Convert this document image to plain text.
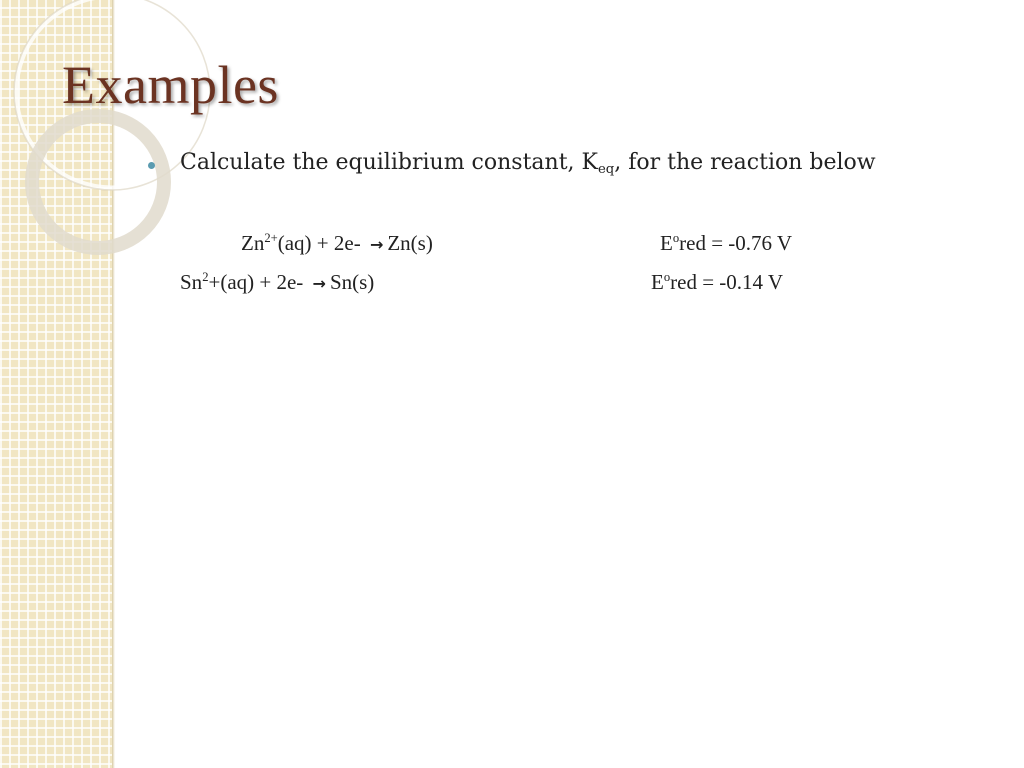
Examples
Calculate the equilibrium constant, $K_{eq}$, for the reaction below
$Zn^{2+}(aq) + 2e- \to Zn(s)$	$E^ored = -0.76$ V
$Sn^2+(aq) + 2e- \to Sn(s)$	$E^ored = -0.14$ V
